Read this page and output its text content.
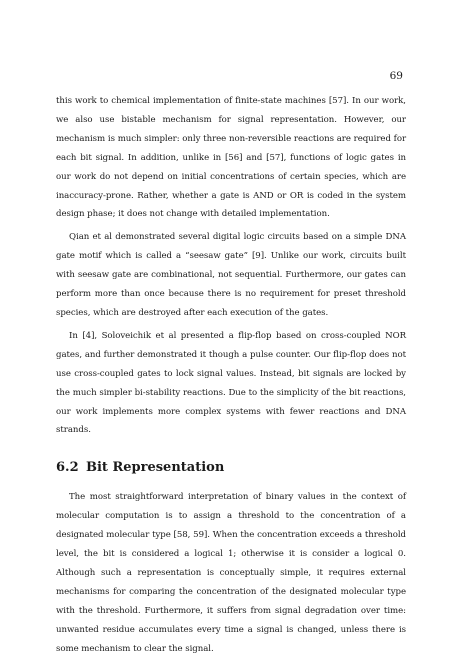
69

this work to chemical implementation of finite-state machines [57]. In our work, we also use bistable mechanism for signal representation. However, our mechanism is much simpler: only three non-reversible reactions are required for each bit signal. In addition, unlike in [56] and [57], functions of logic gates in our work do not depend on initial concentrations of certain species, which are inaccuracy-prone. Rather, whether a gate is AND or OR is coded in the system design phase; it does not change with detailed implementation.

Qian et al demonstrated several digital logic circuits based on a simple DNA gate motif which is called a “seesaw gate” [9]. Unlike our work, circuits built with seesaw gate are combinational, not sequential. Furthermore, our gates can perform more than once because there is no requirement for preset threshold species, which are destroyed after each execution of the gates.

In [4], Soloveichik et al presented a flip-flop based on cross-coupled NOR gates, and further demonstrated it though a pulse counter. Our flip-flop does not use cross-coupled gates to lock signal values. Instead, bit signals are locked by the much simpler bi-stability reactions. Due to the simplicity of the bit reactions, our work implements more complex systems with fewer reactions and DNA strands.

6.2 Bit Representation

The most straightforward interpretation of binary values in the context of molecular computation is to assign a threshold to the concentration of a designated molecular type [58, 59]. When the concentration exceeds a threshold level, the bit is considered a logical 1; otherwise it is consider a logical 0. Although such a representation is conceptually simple, it requires external mechanisms for comparing the concentration of the designated molecular type with the threshold. Furthermore, it suffers from signal degradation over time: unwanted residue accumulates every time a signal is changed, unless there is some mechanism to clear the signal.
